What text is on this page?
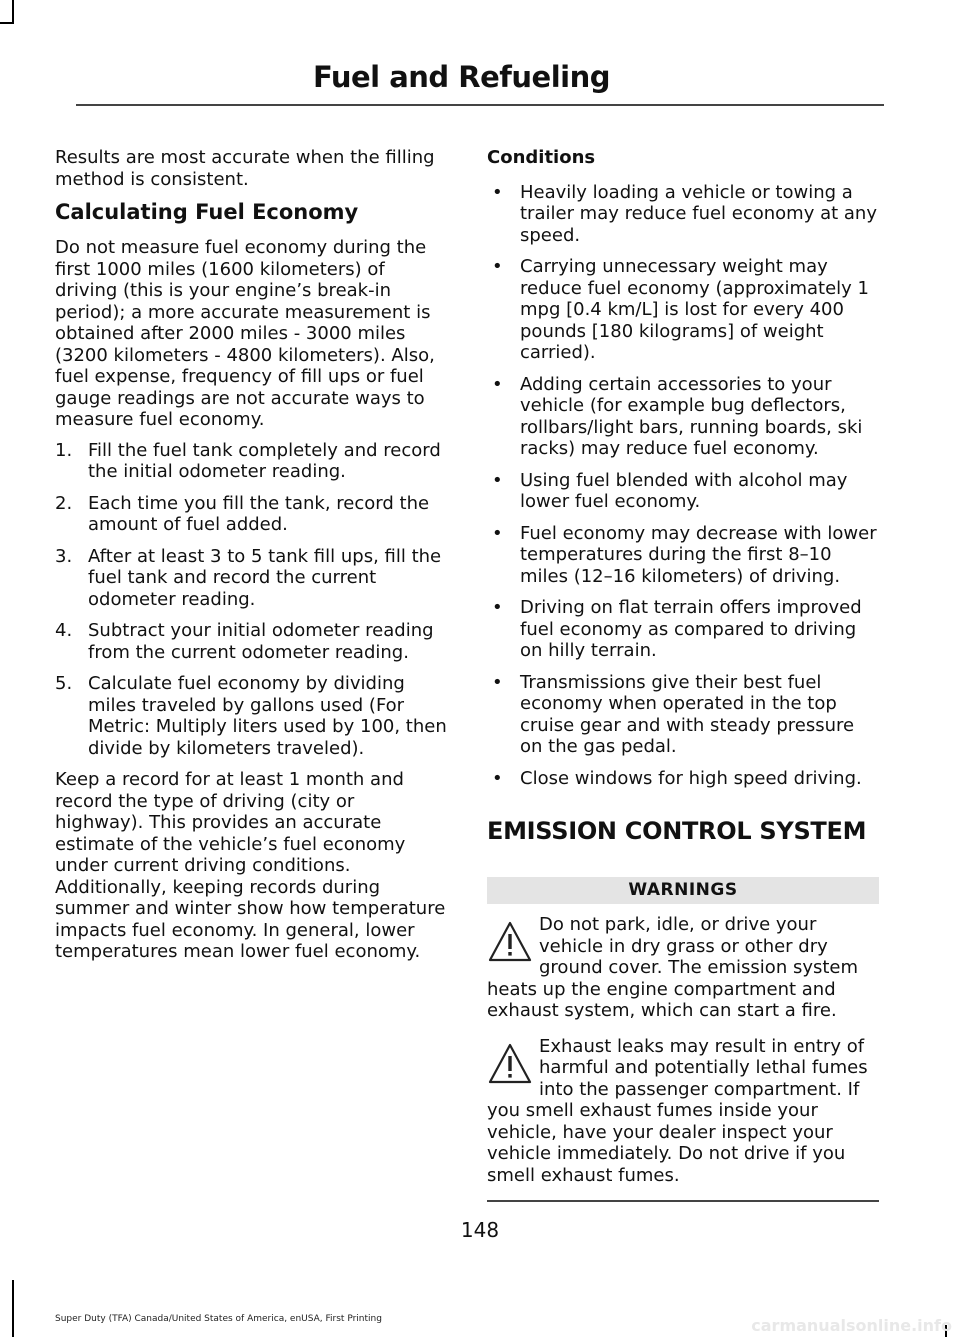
Fuel and Refueling

Results are most accurate when the filling method is consistent.

Calculating Fuel Economy

Do not measure fuel economy during the first 1000 miles (1600 kilometers) of driving (this is your engine’s break-in period); a more accurate measurement is obtained after 2000 miles - 3000 miles (3200 kilometers - 4800 kilometers). Also, fuel expense, frequency of fill ups or fuel gauge readings are not accurate ways to measure fuel economy.

1. Fill the fuel tank completely and record the initial odometer reading.
2. Each time you fill the tank, record the amount of fuel added.
3. After at least 3 to 5 tank fill ups, fill the fuel tank and record the current odometer reading.
4. Subtract your initial odometer reading from the current odometer reading.
5. Calculate fuel economy by dividing miles traveled by gallons used (For Metric: Multiply liters used by 100, then divide by kilometers traveled).

Keep a record for at least 1 month and record the type of driving (city or highway). This provides an accurate estimate of the vehicle’s fuel economy under current driving conditions. Additionally, keeping records during summer and winter show how temperature impacts fuel economy. In general, lower temperatures mean lower fuel economy.

Conditions
• Heavily loading a vehicle or towing a trailer may reduce fuel economy at any speed.
• Carrying unnecessary weight may reduce fuel economy (approximately 1 mpg [0.4 km/L] is lost for every 400 pounds [180 kilograms] of weight carried).
• Adding certain accessories to your vehicle (for example bug deflectors, rollbars/light bars, running boards, ski racks) may reduce fuel economy.
• Using fuel blended with alcohol may lower fuel economy.
• Fuel economy may decrease with lower temperatures during the first 8–10 miles (12–16 kilometers) of driving.
• Driving on flat terrain offers improved fuel economy as compared to driving on hilly terrain.
• Transmissions give their best fuel economy when operated in the top cruise gear and with steady pressure on the gas pedal.
• Close windows for high speed driving.
EMISSION CONTROL SYSTEM
WARNINGS

Do not park, idle, or drive your vehicle in dry grass or other dry ground cover. The emission system heats up the engine compartment and exhaust system, which can start a fire.

Exhaust leaks may result in entry of harmful and potentially lethal fumes into the passenger compartment. If you smell exhaust fumes inside your vehicle, have your dealer inspect your vehicle immediately. Do not drive if you smell exhaust fumes.

148
Super Duty (TFA) Canada/United States of America, enUSA, First Printing	carmanualsonline.info
